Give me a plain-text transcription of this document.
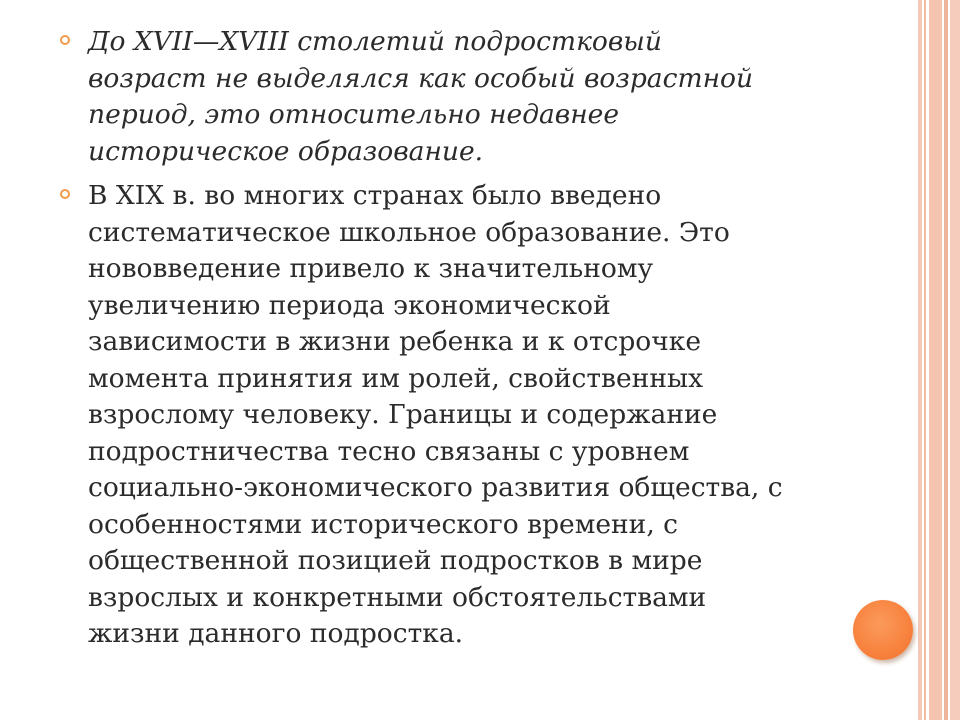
До XVII—XVIII столетий подростковый
возраст не выделялся как особый возрастной
период, это относительно недавнее
историческое образование.
В XIX в. во многих странах было введено
систематическое школьное образование. Это
нововведение привело к значительному
увеличению периода экономической
зависимости в жизни ребенка и к отсрочке
момента принятия им ролей, свойственных
взрослому человеку. Границы и содержание
подростничества тесно связаны с уровнем
социально-экономического развития общества, с
особенностями исторического времени, с
общественной позицией подростков в мире
взрослых и конкретными обстоятельствами
жизни данного подростка.
